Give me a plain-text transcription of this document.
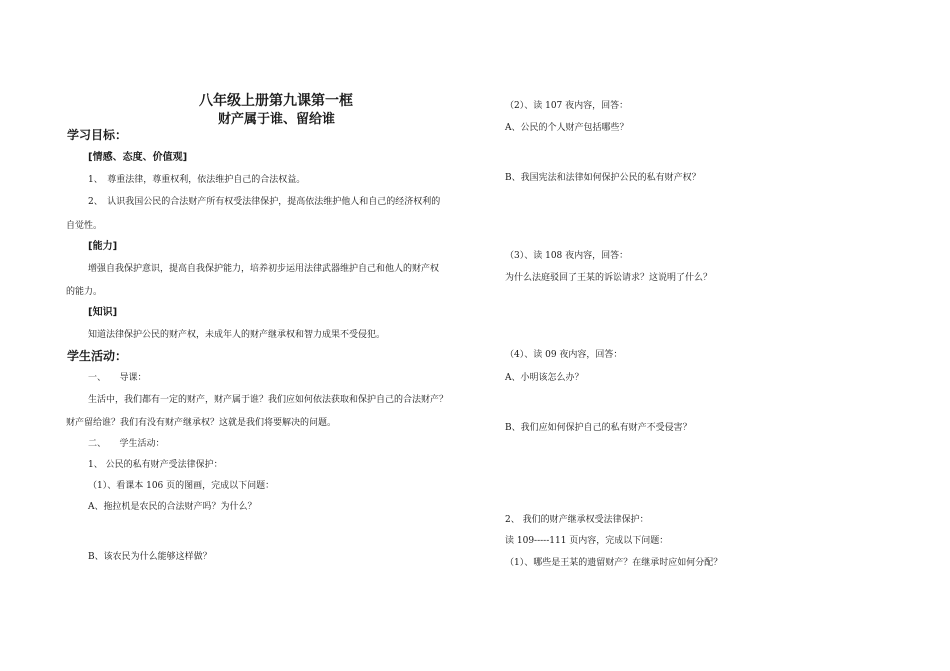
八年级上册第九课第一框
财产属于谁、留给谁
学习目标：
[情感、态度、价值观]
1、　尊重法律，尊重权利，依法维护自己的合法权益。
2、　认识我国公民的合法财产所有权受法律保护，提高依法维护他人和自己的经济权利的
自觉性。
[能力]
增强自我保护意识，提高自我保护能力，培养初步运用法律武器维护自己和他人的财产权
的能力。
[知识]
知道法律保护公民的财产权，未成年人的财产继承权和智力成果不受侵犯。
学生活动：
一、　　导课：
生活中，我们都有一定的财产，财产属于谁？我们应如何依法获取和保护自己的合法财产？
财产留给谁？我们有没有财产继承权？这就是我们将要解决的问题。
二、　　学生活动：
1、 公民的私有财产受法律保护：
（1）、看课本 106 页的图画，完成以下问题：
A、拖拉机是农民的合法财产吗？为什么？
B、该农民为什么能够这样做？
（2）、读 107 夜内容，回答：
A、公民的个人财产包括哪些？
B、我国宪法和法律如何保护公民的私有财产权？
（3）、读 108 夜内容，回答：
为什么法庭驳回了王某的诉讼请求？这说明了什么？
（4）、读 09 夜内容，回答：
A、小明该怎么办？
B、我们应如何保护自己的私有财产不受侵害？
2、 我们的财产继承权受法律保护：
读 109-----111 页内容，完成以下问题：
（1）、哪些是王某的遗留财产？在继承时应如何分配？
